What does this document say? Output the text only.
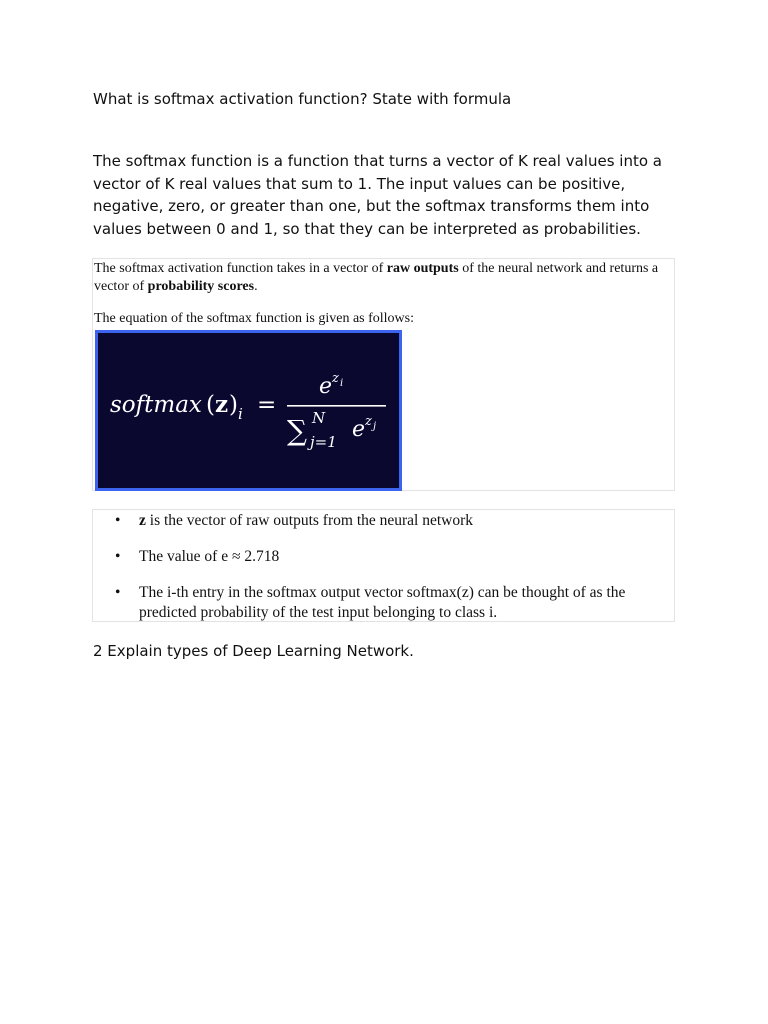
What is softmax activation function? State with formula

The softmax function is a function that turns a vector of K real values into a vector of K real values that sum to 1. The input values can be positive, negative, zero, or greater than one, but the softmax transforms them into values between 0 and 1, so that they can be interpreted as probabilities.

The softmax activation function takes in a vector of raw outputs of the neural network and returns a vector of probability scores.

The equation of the softmax function is given as follows:

softmax ( z ) i =
e z i
∑ N
j=1 e z j
• z is the vector of raw outputs from the neural network
• The value of e ≈ 2.718
• The i-th entry in the softmax output vector softmax(z) can be thought of as the predicted probability of the test input belonging to class i.

2 Explain types of Deep Learning Network.
